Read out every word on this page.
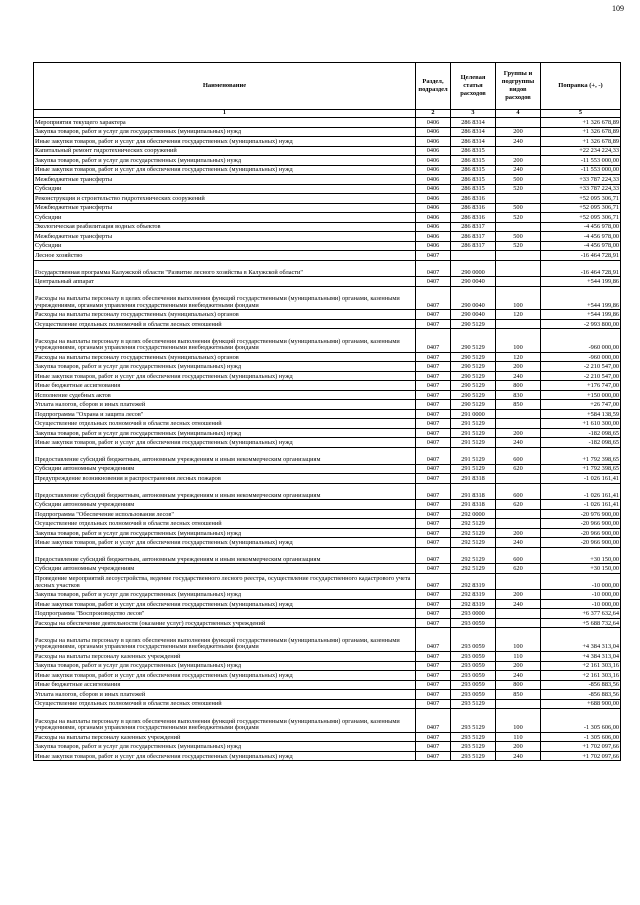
109
Наименование	Раздел, подраздел	Целевая статья расходов	Группы и подгруппы видов расходов	Поправка (+, -)
1	2	3	4	5
Мероприятия текущего характера	0406	286 8314		+1 326 678,89
Закупка товаров, работ и услуг для государственных (муниципальных) нужд	0406	286 8314	200	+1 326 678,89
Иные закупки товаров, работ и услуг для обеспечения государственных (муниципальных) нужд	0406	286 8314	240	+1 326 678,89
Капитальный ремонт гидротехнических сооружений	0406	286 8315		+22 234 224,33
Закупка товаров, работ и услуг для государственных (муниципальных) нужд	0406	286 8315	200	-11 553 000,00
Иные закупки товаров, работ и услуг для обеспечения государственных (муниципальных) нужд	0406	286 8315	240	-11 553 000,00
Межбюджетные трансферты	0406	286 8315	500	+33 787 224,33
Субсидии	0406	286 8315	520	+33 787 224,33
Реконструкция и строительство гидротехнических сооружений	0406	286 8316		+52 095 306,71
Межбюджетные трансферты	0406	286 8316	500	+52 095 306,71
Субсидии	0406	286 8316	520	+52 095 306,71
Экологическая реабилитация водных объектов	0406	286 8317		-4 456 978,00
Межбюджетные трансферты	0406	286 8317	500	-4 456 978,00
Субсидии	0406	286 8317	520	-4 456 978,00
Лесное хозяйство	0407			-16 464 728,91
Государственная программа Калужской области "Развитие лесного хозяйства в Калужской области"	0407	290 0000		-16 464 728,91
Центральный аппарат	0407	290 0040		+544 199,86
Расходы на выплаты персоналу в целях обеспечения выполнения функций государственными (муниципальными) органами, казенными учреждениями, органами управления государственными внебюджетными фондами	0407	290 0040	100	+544 199,86
Расходы на выплаты персоналу государственных (муниципальных) органов	0407	290 0040	120	+544 199,86
Осуществление отдельных полномочий в области лесных отношений	0407	290 5129		-2 993 800,00
Расходы на выплаты персоналу в целях обеспечения выполнения функций государственными (муниципальными) органами, казенными учреждениями, органами управления государственными внебюджетными фондами	0407	290 5129	100	-960 000,00
Расходы на выплаты персоналу государственных (муниципальных) органов	0407	290 5129	120	-960 000,00
Закупка товаров, работ и услуг для государственных (муниципальных) нужд	0407	290 5129	200	-2 210 547,00
Иные закупки товаров, работ и услуг для обеспечения государственных (муниципальных) нужд	0407	290 5129	240	-2 210 547,00
Иные бюджетные ассигнования	0407	290 5129	800	+176 747,00
Исполнение судебных актов	0407	290 5129	830	+150 000,00
Уплата налогов, сборов и иных платежей	0407	290 5129	850	+26 747,00
Подпрограмма "Охрана и защита лесов"	0407	291 0000		+584 138,59
Осуществление отдельных полномочий в области лесных отношений	0407	291 5129		+1 610 300,00
Закупка товаров, работ и услуг для государственных (муниципальных) нужд	0407	291 5129	200	-182 098,65
Иные закупки товаров, работ и услуг для обеспечения государственных (муниципальных) нужд	0407	291 5129	240	-182 098,65
Предоставление субсидий бюджетным, автономным учреждениям и иным некоммерческим организациям	0407	291 5129	600	+1 792 398,65
Субсидии автономным учреждениям	0407	291 5129	620	+1 792 398,65
Предупреждение возникновения и распространения лесных пожаров	0407	291 8318		-1 026 161,41
Предоставление субсидий бюджетным, автономным учреждениям и иным некоммерческим организациям	0407	291 8318	600	-1 026 161,41
Субсидии автономным учреждениям	0407	291 8318	620	-1 026 161,41
Подпрограмма "Обеспечение использования лесов"	0407	292 0000		-20 976 900,00
Осуществление отдельных полномочий в области лесных отношений	0407	292 5129		-20 966 900,00
Закупка товаров, работ и услуг для государственных (муниципальных) нужд	0407	292 5129	200	-20 966 900,00
Иные закупки товаров, работ и услуг для обеспечения государственных (муниципальных) нужд	0407	292 5129	240	-20 966 900,00
Предоставление субсидий бюджетным, автономным учреждениям и иным некоммерческим организациям	0407	292 5129	600	+30 150,00
Субсидии автономным учреждениям	0407	292 5129	620	+30 150,00
Проведение мероприятий лесоустройства, ведение государственного лесного реестра, осуществление государственного кадастрового учета лесных участков	0407	292 8319		-10 000,00
Закупка товаров, работ и услуг для государственных (муниципальных) нужд	0407	292 8319	200	-10 000,00
Иные закупки товаров, работ и услуг для обеспечения государственных (муниципальных) нужд	0407	292 8319	240	-10 000,00
Подпрограмма "Воспроизводство лесов"	0407	293 0000		+6 377 632,64
Расходы на обеспечение деятельности (оказание услуг) государственных учреждений	0407	293 0059		+5 688 732,64
Расходы на выплаты персоналу в целях обеспечения выполнения функций государственными (муниципальными) органами, казенными учреждениями, органами управления государственными внебюджетными фондами	0407	293 0059	100	+4 384 313,04
Расходы на выплаты персоналу казенных учреждений	0407	293 0059	110	+4 384 313,04
Закупка товаров, работ и услуг для государственных (муниципальных) нужд	0407	293 0059	200	+2 161 303,16
Иные закупки товаров, работ и услуг для обеспечения государственных (муниципальных) нужд	0407	293 0059	240	+2 161 303,16
Иные бюджетные ассигнования	0407	293 0059	800	-856 883,56
Уплата налогов, сборов и иных платежей	0407	293 0059	850	-856 883,56
Осуществление отдельных полномочий в области лесных отношений	0407	293 5129		+688 900,00
Расходы на выплаты персоналу в целях обеспечения выполнения функций государственными (муниципальными) органами, казенными учреждениями, органами управления государственными внебюджетными фондами	0407	293 5129	100	-1 305 606,00
Расходы на выплаты персоналу казенных учреждений	0407	293 5129	110	-1 305 606,00
Закупка товаров, работ и услуг для государственных (муниципальных) нужд	0407	293 5129	200	+1 702 097,66
Иные закупки товаров, работ и услуг для обеспечения государственных (муниципальных) нужд	0407	293 5129	240	+1 702 097,66
